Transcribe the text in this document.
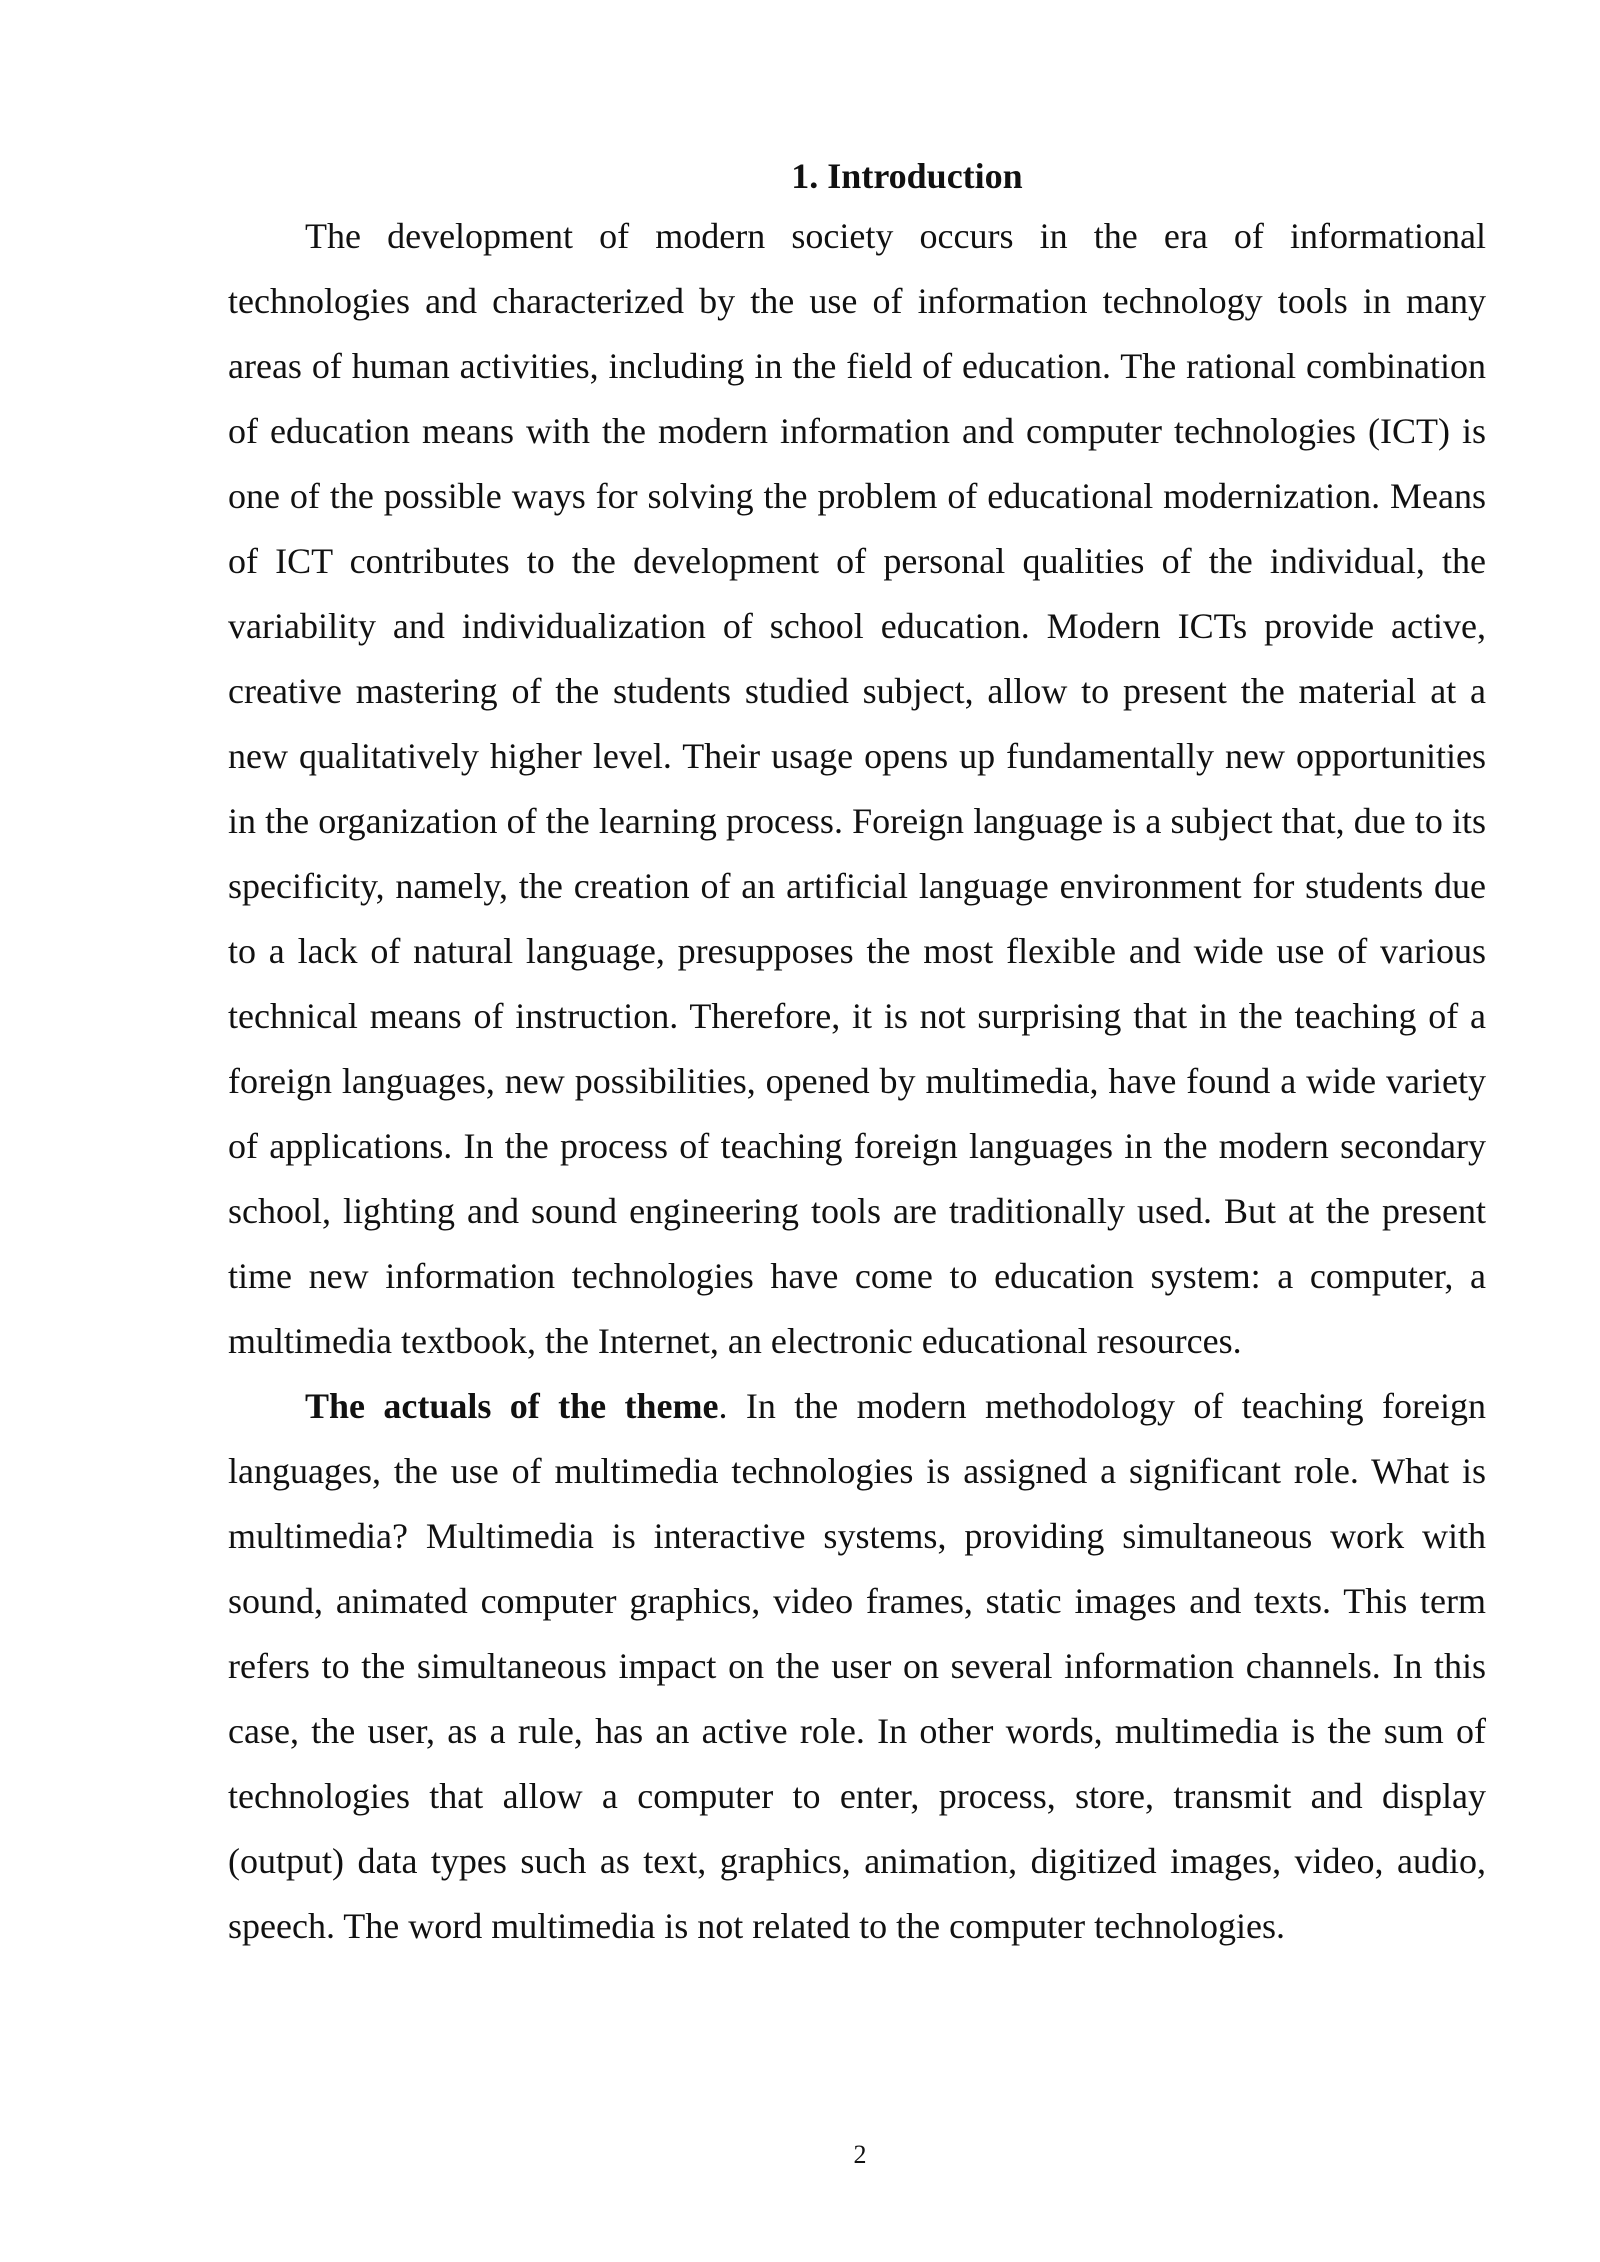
1. Introduction

The development of modern society occurs in the era of informational technologies and characterized by the use of information technology tools in many areas of human activities, including in the field of education. The rational combination of education means with the modern information and computer technologies (ICT) is one of the possible ways for solving the problem of educational modernization. Means of ICT contributes to the development of personal qualities of the individual, the variability and individualization of school education. Modern ICTs provide active, creative mastering of the students studied subject, allow to present the material at a new qualitatively higher level. Their usage opens up fundamentally new opportunities in the organization of the learning process. Foreign language is a subject that, due to its specificity, namely, the creation of an artificial language environment for students due to a lack of natural language, presupposes the most flexible and wide use of various technical means of instruction. Therefore, it is not surprising that in the teaching of a foreign languages, new possibilities, opened by multimedia, have found a wide variety of applications. In the process of teaching foreign languages in the modern secondary school, lighting and sound engineering tools are traditionally used. But at the present time new information technologies have come to education system: a computer, a multimedia textbook, the Internet, an electronic educational resources.

The actuals of the theme. In the modern methodology of teaching foreign languages, the use of multimedia technologies is assigned a significant role. What is multimedia? Multimedia is interactive systems, providing simultaneous work with sound, animated computer graphics, video frames, static images and texts. This term refers to the simultaneous impact on the user on several information channels. In this case, the user, as a rule, has an active role. In other words, multimedia is the sum of technologies that allow a computer to enter, process, store, transmit and display (output) data types such as text, graphics, animation, digitized images, video, audio, speech. The word multimedia is not related to the computer technologies.

2
